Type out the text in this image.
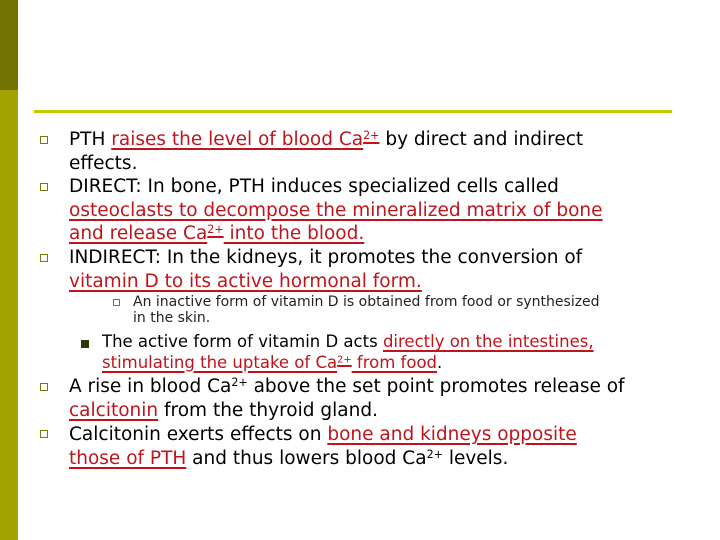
PTH raises the level of blood $Ca^{2+}$ by direct and indirect
effects.
DIRECT: In bone, PTH induces specialized cells called
osteoclasts to decompose the mineralized matrix of bone
and release $Ca^{2+}$ into the blood.
INDIRECT: In the kidneys, it promotes the conversion of
vitamin D to its active hormonal form.
An inactive form of vitamin D is obtained from food or synthesized
in the skin.
The active form of vitamin D acts directly on the intestines,
stimulating the uptake of $Ca^{2+}$ from food.
A rise in blood $Ca^{2+}$ above the set point promotes release of
calcitonin from the thyroid gland.
Calcitonin exerts effects on bone and kidneys opposite
those of PTH and thus lowers blood $Ca^{2+}$ levels.
